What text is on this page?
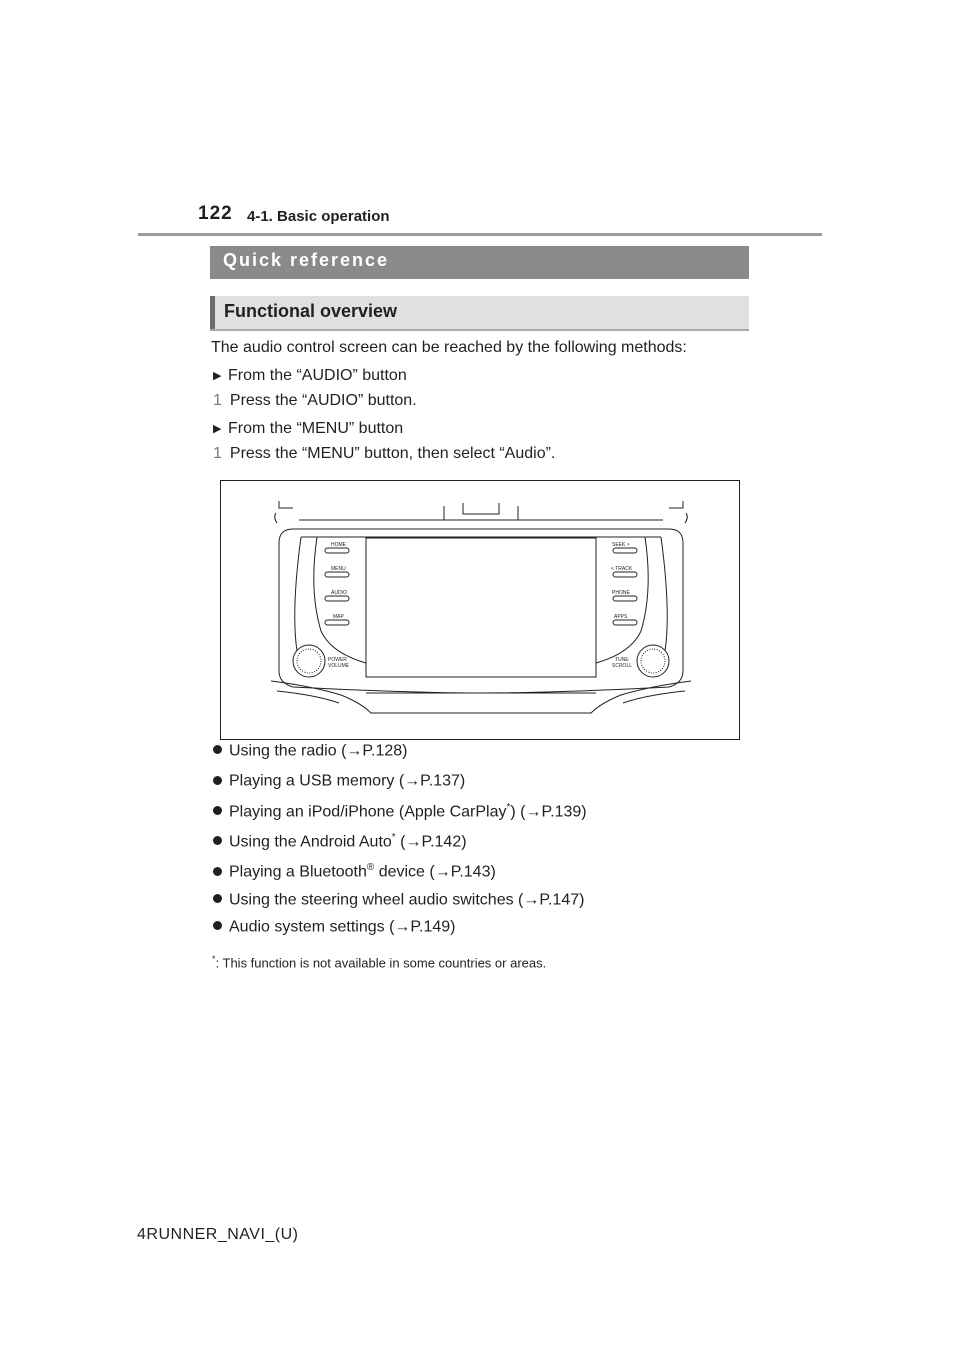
122 4-1. Basic operation
Quick reference
Functional overview
The audio control screen can be reached by the following methods:
▶ From the “AUDIO” button
1 Press the “AUDIO” button.
▶ From the “MENU” button
1 Press the “MENU” button, then select “Audio”.
HOME
MENU
AUDIO
MAP
SEEK >
< TRACK
PHONE
APPS
POWER
VOLUME
TUNE
SCROLL
Using the radio (→P.128)
Playing a USB memory (→P.137)
Playing an iPod/iPhone (Apple CarPlay*) (→P.139)
Using the Android Auto* (→P.142)
Playing a Bluetooth® device (→P.143)
Using the steering wheel audio switches (→P.147)
Audio system settings (→P.149)
*: This function is not available in some countries or areas.
4RUNNER_NAVI_(U)
